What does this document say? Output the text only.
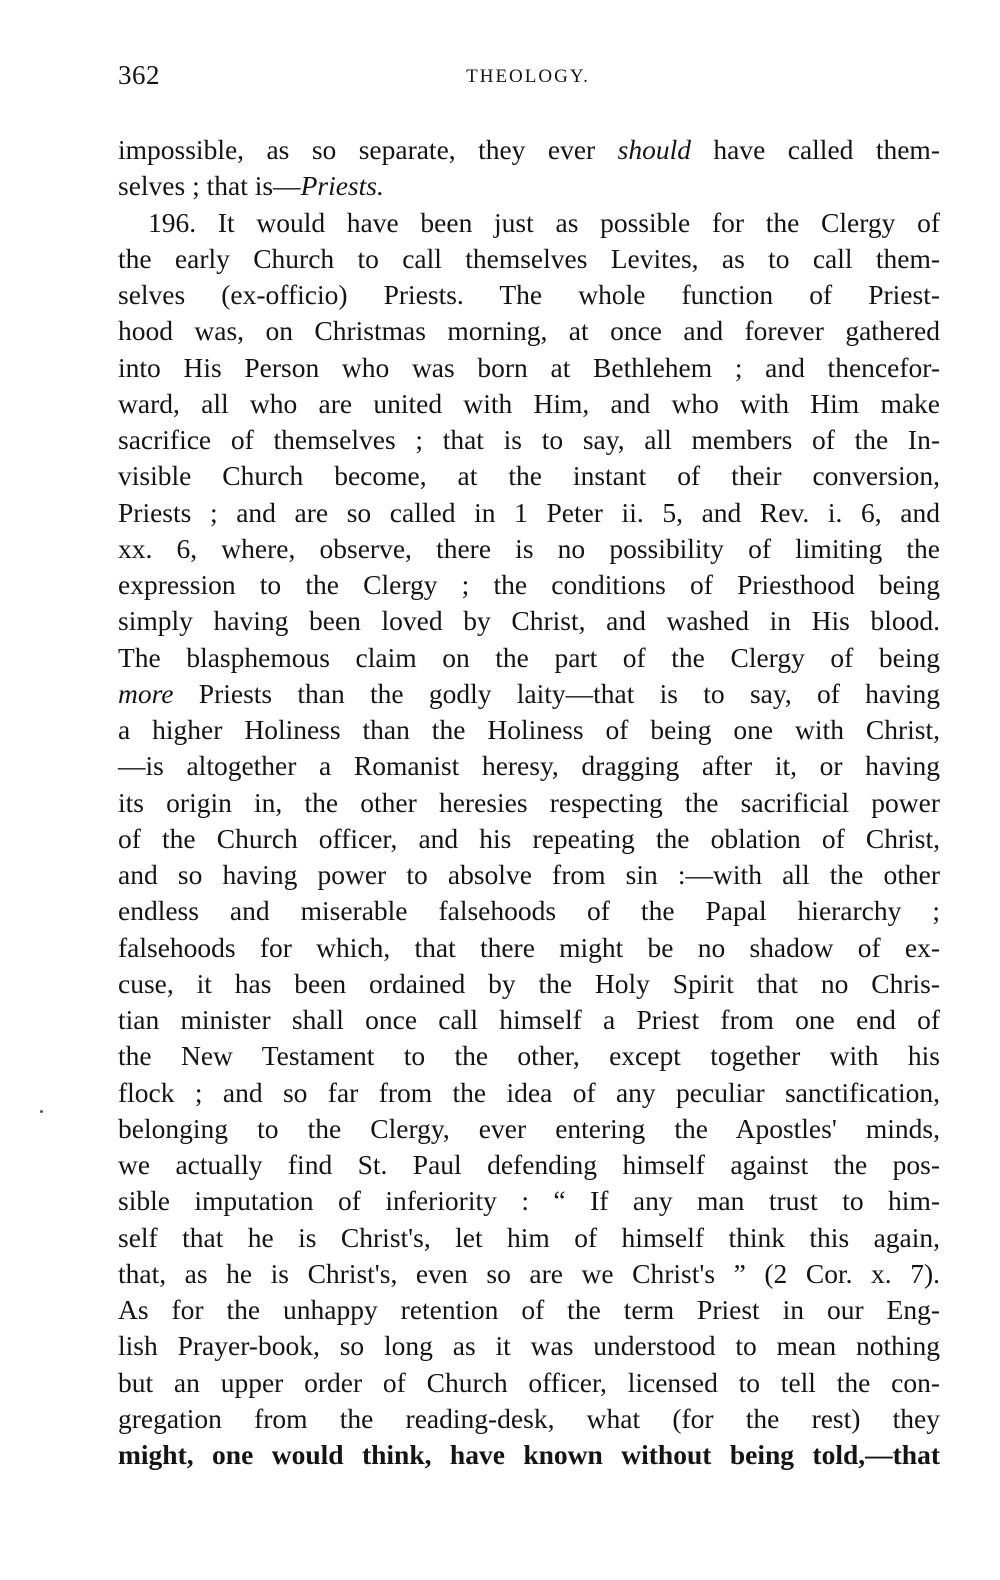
362	THEOLOGY.
impossible, as so separate, they ever should have called them-
selves ; that is—Priests.
196. It would have been just as possible for the Clergy of
the early Church to call themselves Levites, as to call them-
selves (ex-officio) Priests. The whole function of Priest-
hood was, on Christmas morning, at once and forever gathered
into His Person who was born at Bethlehem ; and thencefor-
ward, all who are united with Him, and who with Him make
sacrifice of themselves ; that is to say, all members of the In-
visible Church become, at the instant of their conversion,
Priests ; and are so called in 1 Peter ii. 5, and Rev. i. 6, and
xx. 6, where, observe, there is no possibility of limiting the
expression to the Clergy ; the conditions of Priesthood being
simply having been loved by Christ, and washed in His blood.
The blasphemous claim on the part of the Clergy of being
more Priests than the godly laity—that is to say, of having
a higher Holiness than the Holiness of being one with Christ,
—is altogether a Romanist heresy, dragging after it, or having
its origin in, the other heresies respecting the sacrificial power
of the Church officer, and his repeating the oblation of Christ,
and so having power to absolve from sin :—with all the other
endless and miserable falsehoods of the Papal hierarchy ;
falsehoods for which, that there might be no shadow of ex-
cuse, it has been ordained by the Holy Spirit that no Chris-
tian minister shall once call himself a Priest from one end of
the New Testament to the other, except together with his
flock ; and so far from the idea of any peculiar sanctification,
belonging to the Clergy, ever entering the Apostles' minds,
we actually find St. Paul defending himself against the pos-
sible imputation of inferiority : “ If any man trust to him-
self that he is Christ's, let him of himself think this again,
that, as he is Christ's, even so are we Christ's ” (2 Cor. x. 7).
As for the unhappy retention of the term Priest in our Eng-
lish Prayer-book, so long as it was understood to mean nothing
but an upper order of Church officer, licensed to tell the con-
gregation from the reading-desk, what (for the rest) they
might, one would think, have known without being told,—that
